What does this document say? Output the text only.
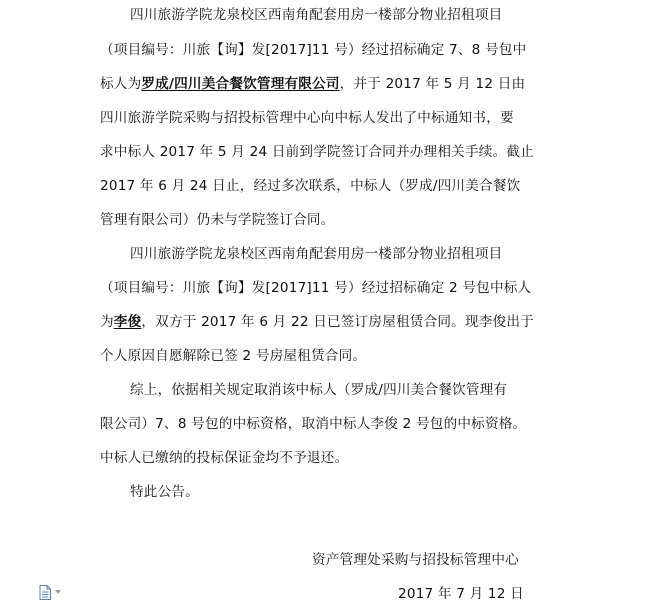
四川旅游学院龙泉校区西南角配套用房一楼部分物业招租项目
（项目编号：川旅【询】发[2017]11 号）经过招标确定 7、8 号包中
标人为罗成/四川美合餐饮管理有限公司，并于 2017 年 5 月 12 日由
四川旅游学院采购与招投标管理中心向中标人发出了中标通知书，要
求中标人 2017 年 5 月 24 日前到学院签订合同并办理相关手续。截止
2017 年 6 月 24 日止，经过多次联系，中标人（罗成/四川美合餐饮
管理有限公司）仍未与学院签订合同。
四川旅游学院龙泉校区西南角配套用房一楼部分物业招租项目
（项目编号：川旅【询】发[2017]11 号）经过招标确定 2 号包中标人
为李俊，双方于 2017 年 6 月 22 日已签订房屋租赁合同。现李俊出于
个人原因自愿解除已签 2 号房屋租赁合同。
综上，依据相关规定取消该中标人（罗成/四川美合餐饮管理有
限公司）7、8 号包的中标资格，取消中标人李俊 2 号包的中标资格。
中标人已缴纳的投标保证金均不予退还。
特此公告。
资产管理处采购与招投标管理中心
2017 年 7 月 12 日
